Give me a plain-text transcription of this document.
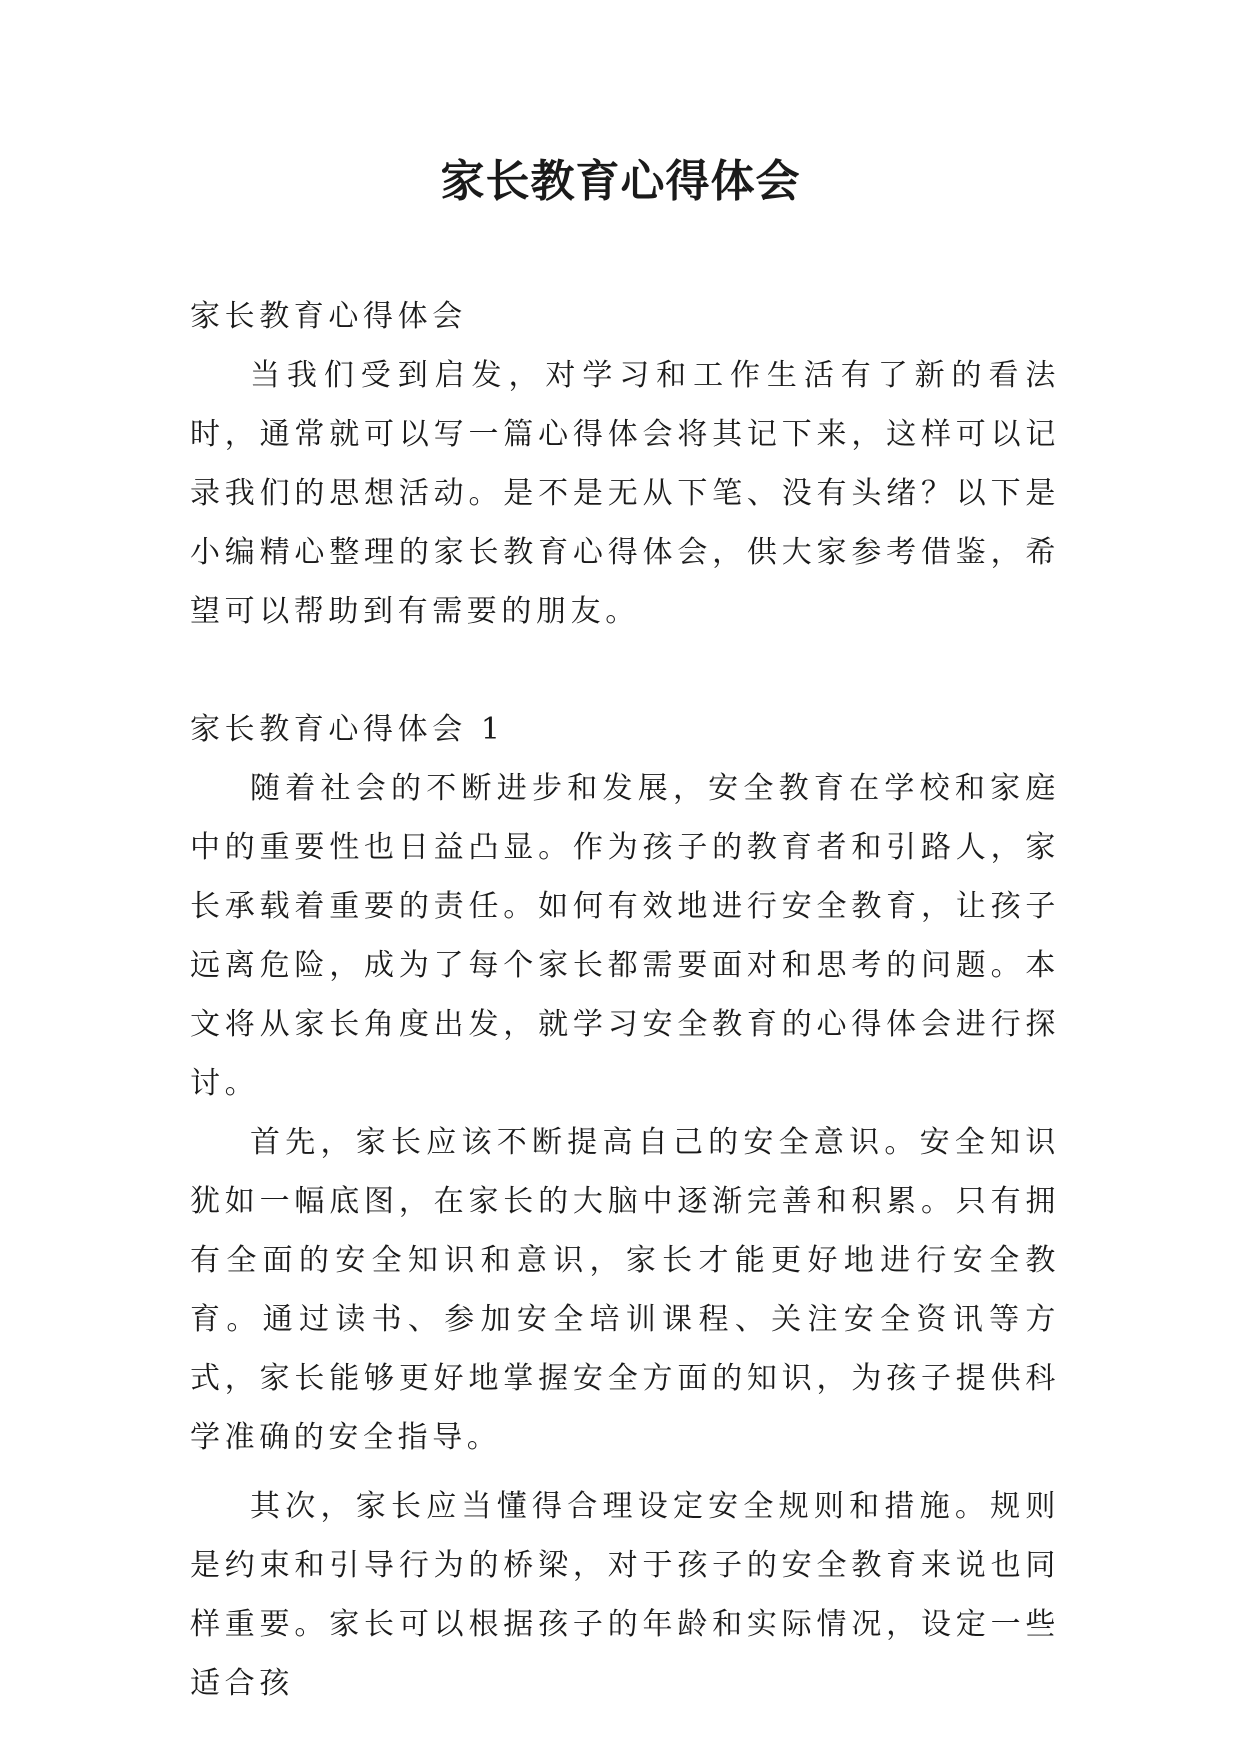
家长教育心得体会
家长教育心得体会

当我们受到启发，对学习和工作生活有了新的看法时，通常就可以写一篇心得体会将其记下来，这样可以记录我们的思想活动。是不是无从下笔、没有头绪？以下是小编精心整理的家长教育心得体会，供大家参考借鉴，希望可以帮助到有需要的朋友。

家长教育心得体会 1

随着社会的不断进步和发展，安全教育在学校和家庭中的重要性也日益凸显。作为孩子的教育者和引路人，家长承载着重要的责任。如何有效地进行安全教育，让孩子远离危险，成为了每个家长都需要面对和思考的问题。本文将从家长角度出发，就学习安全教育的心得体会进行探讨。

首先，家长应该不断提高自己的安全意识。安全知识犹如一幅底图，在家长的大脑中逐渐完善和积累。只有拥有全面的安全知识和意识，家长才能更好地进行安全教育。通过读书、参加安全培训课程、关注安全资讯等方式，家长能够更好地掌握安全方面的知识，为孩子提供科学准确的安全指导。

其次，家长应当懂得合理设定安全规则和措施。规则是约束和引导行为的桥梁，对于孩子的安全教育来说也同样重要。家长可以根据孩子的年龄和实际情况，设定一些适合孩
